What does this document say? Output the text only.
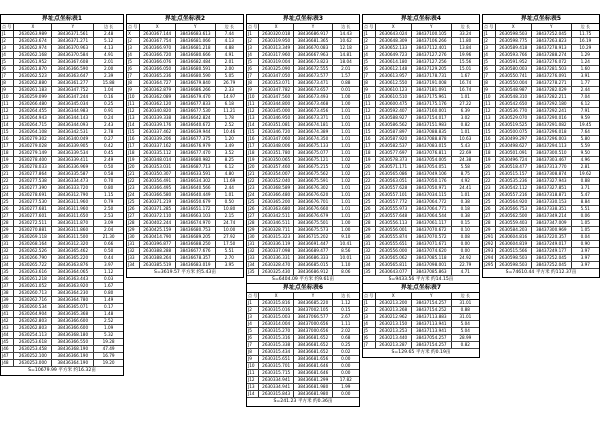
界址点坐标表1
点 号	X	Y	边 长
J1	2630263.989	38436371.561	2.48
J2	2630263.674	38436371.271	5.12
J3	2630262.974	38436370.963	4.13
J4	2630262.168	38436370.584	4.91
J5	2630261.952	38436367.608	2.01
J6	2630261.870	38436366.590	2.00
J7	2630262.523	38436363.647	2.39
J8	2630262.880	38436361.277	15.88
J9	2630261.183	38436347.752	1.04
J10	2630259.099	38436347.244	0.16
J11	2630266.480	38436345.034	0.25
J12	2630264.455	38436344.983	0.91
J13	2630264.943	38436344.143	0.24
J14	2630264.715	38436344.093	2.43
J15	2630264.108	38436342.531	2.78
J16	2630279.302	38436340.049	0.27
J17	2630279.028	38436339.905	0.42
J18	2630279.149	38436339.534	0.45
J19	2630278.400	38436339.411	2.49
J20	2630278.033	38436336.969	0.50
J21	2630277.864	38436335.587	0.58
J22	2630277.538	38436334.473	0.70
J23	2630277.390	38436333.720	0.80
J24	2630278.691	38436312.790	1.15
J25	2630277.530	38436311.960	0.79
J26	2630277.681	38436311.960	2.50
J27	2630277.601	38436311.650	2.53
J28	2630272.511	38436311.870	3.09
J29	2630270.881	38436311.860	2.04
J30	2630269.118	38436311.500	21.30
J31	2630268.164	38436312.320	0.66
J32	2630262.526	38436365.462	0.50
J33	2630266.790	38436365.220	0.44
J34	2630265.722	38436363.876	3.97
J35	2630263.616	38436364.065	1.12
J36	2630261.218	38436363.443	0.03
J37	2630261.052	38436363.920	1.67
J38	2630260.713	38436364.230	0.80
J39	2630262.716	38436364.780	1.49
J40	2630260.534	38436365.071	0.17
J41	2630264.904	38436365.368	1.48
J42	2630262.803	38436366.600	2.52
J43	2630262.803	38436366.600	1.09
J44	2630254.113	38436368.180	5.32
J45	2630253.618	38436366.550	19.28
J46	2630253.458	38436368.190	47.49
J47	2630252.100	38436366.190	16.79
J48	2630253.000	38436364.190	19.20
S=10679.99 平方米 约16.32亩
界址点坐标表2
点 号	X	Y	边 长
X	2630367.144	38436683.613	7.44
J2	2630367.754	38436681.066	4.13
J3	2630366.970	38436681.218	4.88
J4	2630366.720	38436680.666	4.91
J5	2630366.076	38436682.484	2.01
J6	2630366.050	38436680.591	2.00
J7	2630365.236	38436680.590	5.05
J8	2630364.727	38436679.840	26.79
J9	2630362.879	38436686.266	2.33
J10	2630362.089	38436679.470	14.97
J11	2630362.120	38436677.833	6.18
J12	2630340.820	38436677.530	11.21
J13	2630339.338	38436642.824	1.78
J14	2630339.176	38436640.672	2.52
J15	2630337.462	38436639.944	10.46
J16	2630339.206	38436677.375	1.20
J17	2630337.162	38436676.979	3.49
J18	2630335.112	38436677.470	3.52
J19	2630348.014	38436680.982	8.25
J20	2630353.031	38436687.713	6.12
J21	2630350.307	38436633.591	4.80
J22	2630356.491	38436634.302	11.69
J23	2630366.495	38436640.566	2.44
J24	2630366.580	38436640.449	1.01
J25	2630371.219	38436650.679	0.50
J26	2630371.285	38436651.172	10.80
J27	2630372.110	38436663.103	2.15
J28	2630402.244	38436674.970	24.74
J29	2630425.159	38436680.753	10.00
J30	2630414.790	38436689.205	27.92
J31	2630396.877	38436688.250	17.50
J32	2630388.288	38436677.676	5.51
J33	2630388.264	38436678.357	2.70
J34	2630385.519	38436683.019	3.95
S=3619.57 平方米 约5.43亩
界址点坐标表3
点 号	X	Y	边 长
J1	2630320.018	38436686.917	14.43
J2	2630319.950	38436681.365	10.62
J3	2630313.349	38436670.083	12.18
J4	2630317.960	38436667.963	14.81
J5	2630319.004	38436673.823	18.04
J6	2630325.090	38436672.555	2.01
J7	2630347.050	38436673.577	1.57
J8	2630353.071	38436673.471	0.88
J9	2630347.782	38436673.657	0.01
J10	2630347.560	38436673.493	1.00
J11	2630344.800	38436673.468	1.00
J12	2630345.000	38436673.456	1.01
J13	2630346.950	38436673.371	1.01
J14	2630351.081	38436674.181	1.01
J15	2630346.720	38436674.389	1.01
J16	2630347.060	38436674.350	1.01
J17	2630348.006	38436675.133	1.01
J18	2630351.780	38436675.077	1.01
J19	2630350.065	38436675.121	1.02
J20	2630357.460	38436675.215	1.02
J21	2630354.007	38436675.562	1.02
J22	2630352.040	38436675.591	1.02
J23	2630368.589	38436676.302	1.01
J24	2630366.480	38436676.620	1.01
J25	2630365.200	38436676.701	1.01
J26	2630363.680	38436676.660	1.01
J27	2630342.511	38436676.679	1.01
J28	2630346.511	38436675.501	1.00
J29	2630328.711	38436675.573	1.00
J30	2630315.323	38436715.202	9.10
J31	2630336.119	38436691.447	10.41
J32	2630337.098	38436689.477	8.56
J33	2630336.331	38436686.333	10.01
J34	2630328.470	38436685.015	1.10
J35	2630325.430	38436686.912	8.06
S=6404.09 平方米 约9.61亩
界址点坐标表4
点 号	X	Y	边 长
J1	2630643.024	38437100.105	33.24
J2	2630648.309	38437106.266	11.80
J3	2630652.133	38437112.401	13.84
J4	2630649.723	38437127.276	19.96
J5	2630614.180	38437127.256	15.56
J6	2630612.148	38437129.205	15.01
J7	2630613.957	38437178.731	1.67
J8	2630612.550	38437191.008	16.74
J9	2630610.123	38437181.091	16.74
J10	2630610.510	38437175.961	1.01
J11	2630600.475	38437175.176	27.22
J12	2630592.407	38437160.001	6.39
J13	2630588.927	38437154.017	3.02
J14	2630586.562	38437151.983	0.82
J15	2630587.897	38437088.835	1.01
J16	2630587.920	38437088.878	10.63
J17	2630582.537	38437083.015	5.43
J18	2630577.697	38437076.811	22.69
J19	2630578.373	38437054.005	24.38
J20	2630571.171	38437054.051	5.58
J21	2630565.086	38437049.106	8.75
J22	2630563.051	38437050.176	4.92
J23	2630557.628	38437050.971	24.41
J24	2630557.101	38437034.115	1.01
J25	2630557.772	38437064.772	0.38
J26	2630555.973	38437064.771	0.18
J27	2630557.648	38437064.544	0.38
J28	2630556.113	38437061.117	0.15
J29	2630556.001	38437070.672	0.10
J30	2630555.874	38437070.572	0.08
J31	2630555.651	38437071.671	0.00
J32	2630556.000	38437074.620	0.00
J33	2630565.062	38437085.118	24.92
J34	2630565.811	38437098.001	22.79
J35	2630643.077	38437085.863	4.71
S=9433.56 平方米 约14.15亩
界址点坐标表5
点 号	X	Y	边 长
J1	2630598.503	38437252.045	11.75
J2	2630598.775	38437263.823	16.19
J3	2630589.418	38437278.913	10.29
J4	2630593.766	38437288.274	1.29
J5	2630591.952	38437276.072	1.24
J6	2630580.003	38437281.503	1.60
J7	2630550.741	38437276.091	3.91
J8	2630550.004	38437278.271	1.77
J9	2630548.987	38437282.029	2.44
J10	2630548.310	38437282.211	7.04
J11	2630542.650	38437292.180	6.12
J12	2630536.770	38437292.241	7.91
J13	2630529.070	38437290.016	9.59
J14	2630519.525	38437291.082	19.45
J15	2630500.075	38437296.018	7.64
J16	2630499.297	38437296.003	5.80
J17	2630498.627	38437294.113	5.59
J18	2630501.091	38437300.510	9.50
J19	2630496.724	38437303.467	4.96
J20	2630518.477	38437313.770	2.81
J21	2630515.157	38437308.874	19.62
J22	2630535.236	38437327.943	0.88
J23	2630542.112	38437327.851	3.71
J24	2630557.216	38437318.871	5.47
J25	2630564.920	38437330.153	8.84
J26	2630566.753	38437338.351	5.51
J27	2630562.500	38437349.214	0.06
J28	2630559.403	38437347.009	1.05
J29	2630584.203	38437300.969	1.05
J291	2630604.816	38437220.357	0.04
J292	2630604.819	38437249.017	0.90
J293	2630515.566	38437249.177	3.97
J294	2630598.503	38437252.045	3.97
J295	2630598.503	38437252.045	3.97
S=74610.44 平方米 约112.37亩
界址点坐标表6
点 号	X	Y	边 长
J1	2630315.816	38436685.220	1.12
J2	2630315.016	38437002.105	0.15
J3	2630315.003	38437066.577	2.67
J4	2630314.004	38437000.656	1.11
J5	2630315.270	38437000.656	2.02
J6	2630315.316	38436681.652	0.68
J7	2630315.338	38436681.652	0.25
J8	2630315.434	38436681.652	0.02
J9	2630315.651	38436681.656	0.00
J10	2630315.701	38436681.646	0.00
J11	2630315.715	38436681.646	0.00
J12	2630334.941	38436681.299	17.82
J13	2630334.941	38436681.980	1.99
J14	2630315.843	38436681.980	0.00
S=241.23 平方米 约0.36亩
界址点坐标表7
点 号	X	Y	边 长
J1	2630213.200	38437154.257	31.01
J2	2630213.268	38437154.252	0.88
J3	2630212.962	38437113.883	31.01
J4	2630213.150	38437113.941	5.04
J5	2630213.253	38437113.941	5.04
J6	2630213.440	38437054.257	28.99
J7	2630213.287	38437154.257	0.82
S=129.65 平方米 约0.19亩
